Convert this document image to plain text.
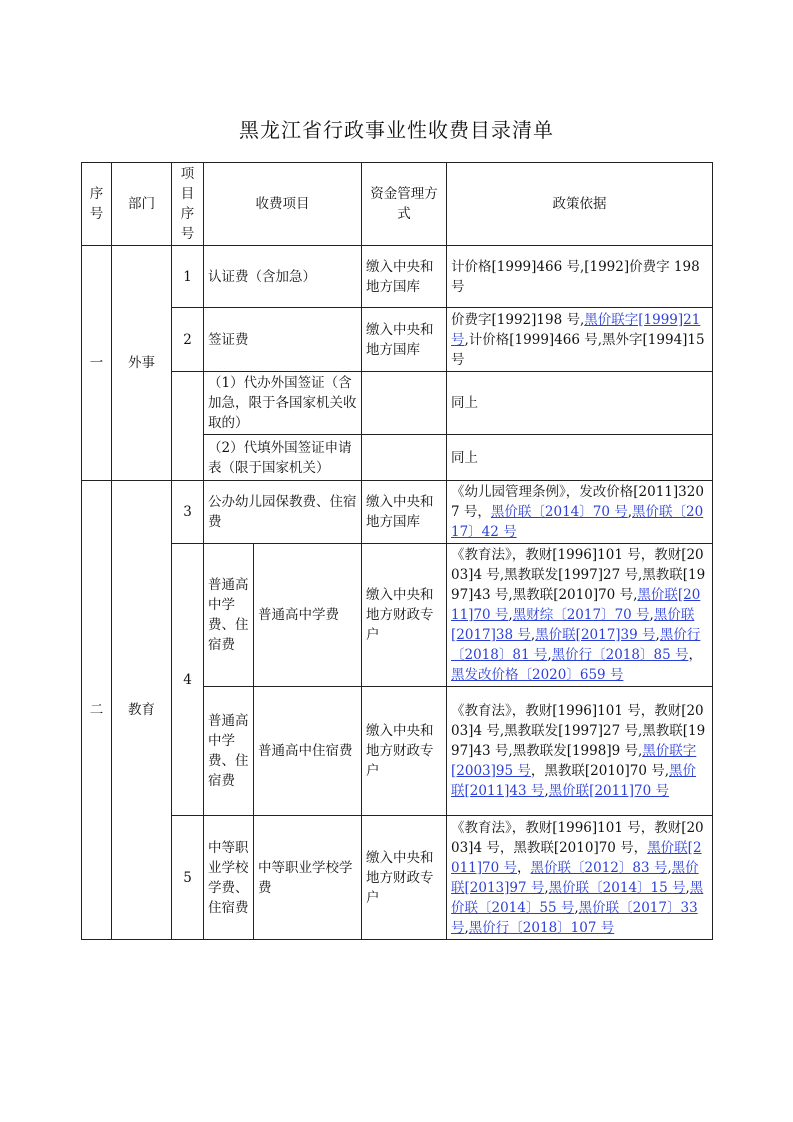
黑龙江省行政事业性收费目录清单
序号	部门	项目序号	收费项目		资金管理方式	政策依据
一	外事	1	认证费（含加急）		缴入中央和地方国库	计价格[1999]466 号,[1992]价费字 198 号
		2	签证费		缴入中央和地方国库	价费字[1992]198 号,黑价联字[1999]21 号,计价格[1999]466 号,黑外字[1994]15 号
			（1）代办外国签证（含加急，限于各国家机关收取的）			同上
			（2）代填外国签证申请表（限于国家机关）			同上
二	教育	3	公办幼儿园保教费、住宿费		缴入中央和地方国库	《幼儿园管理条例》，发改价格[2011]3207 号，黑价联〔2014〕70 号,黑价联〔2017〕42 号
		4	普通高中学费、住宿费	普通高中学费	缴入中央和地方财政专户	《教育法》，教财[1996]101 号，教财[2003]4 号,黑教联发[1997]27 号,黑教联[1997]43 号,黑教联[2010]70 号,黑价联[2011]70 号,黑财综〔2017〕70 号,黑价联[2017]38 号,黑价联[2017]39 号,黑价行〔2018〕81 号,黑价行〔2018〕85 号，黑发改价格〔2020〕659 号
			普通高中学费、住宿费	普通高中住宿费	缴入中央和地方财政专户	《教育法》，教财[1996]101 号，教财[2003]4 号,黑教联发[1997]27 号,黑教联[1997]43 号,黑教联发[1998]9 号,黑价联字[2003]95 号，黑教联[2010]70 号,黑价联[2011]43 号,黑价联[2011]70 号
		5	中等职业学校学费、住宿费	中等职业学校学费	缴入中央和地方财政专户	《教育法》，教财[1996]101 号，教财[2003]4 号，黑教联[2010]70 号，黑价联[2011]70 号，黑价联〔2012〕83 号,黑价联[2013]97 号,黑价联〔2014〕15 号,黑价联〔2014〕55 号,黑价联〔2017〕33 号,黑价行〔2018〕107 号
